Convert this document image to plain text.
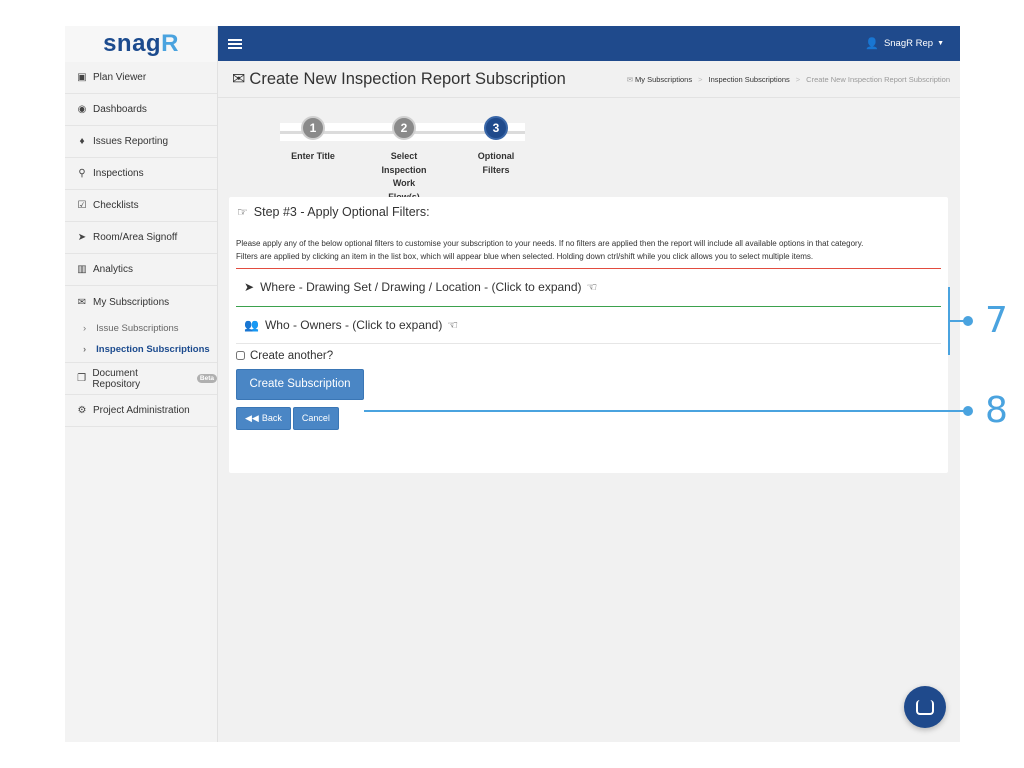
snagR
▣ Plan Viewer
◉ Dashboards
♦ Issues Reporting
⚲ Inspections
☑ Checklists
➤ Room/Area Signoff
▥ Analytics
✉ My Subscriptions
› Issue Subscriptions
› Inspection Subscriptions
❐ Document Repository	Beta
⚙ Project Administration
👤 SnagR Rep ▼
✉ Create New Inspection Report Subscription	✉ My Subscriptions > Inspection Subscriptions > Create New Inspection Report Subscription
1
Enter Title
2
Select Inspection Work
3
Optional Filters
☞ Step #3 - Apply Optional Filters:
Please apply any of the below optional filters to customise your subscription to your needs. If no filters are applied then the report will include all available options in that category.
Filters are applied by clicking an item in the list box, which will appear blue when selected. Holding down ctrl/shift while you click allows you to select multiple items.
➤ Where - Drawing Set / Drawing / Location - (Click to expand) ☜
👥 Who - Owners - (Click to expand) ☜
Create another?
Create Subscription
◀◀ Back	Cancel
7
8
